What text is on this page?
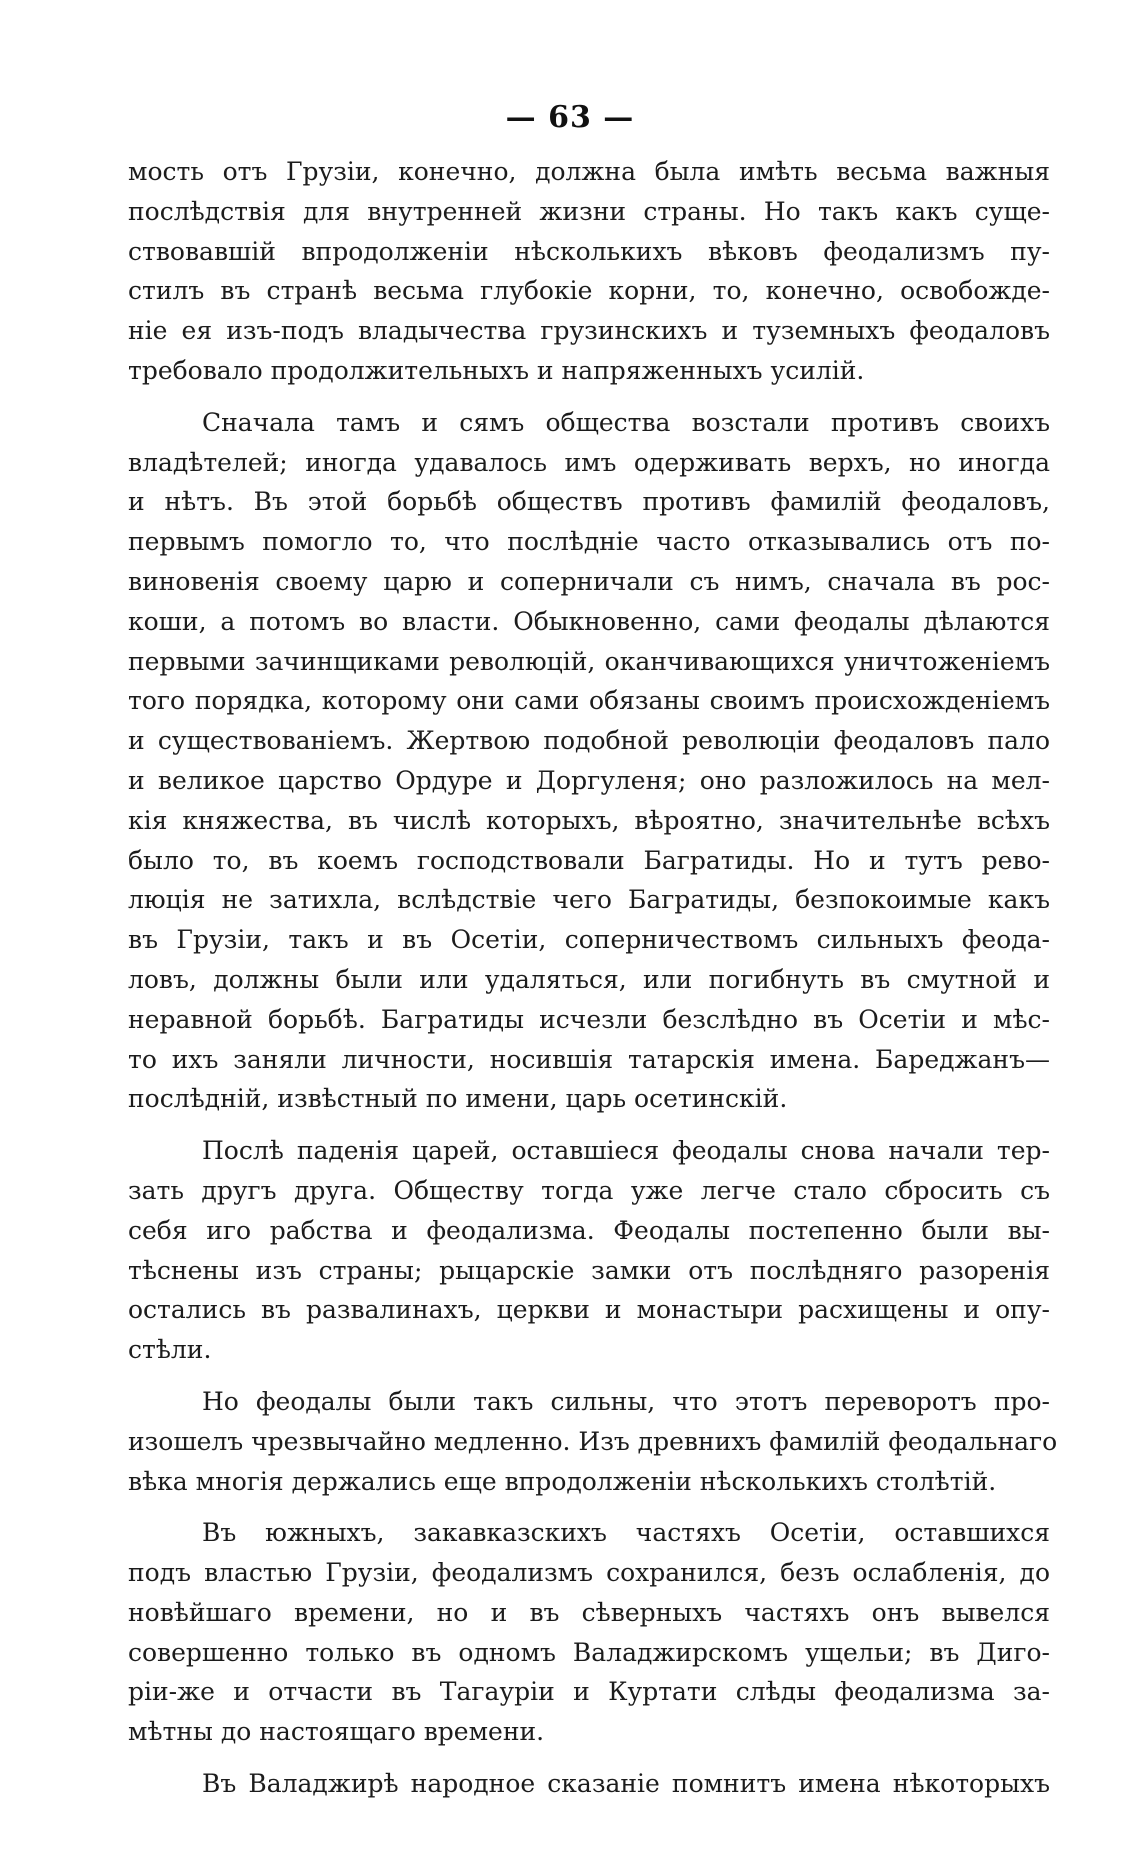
— 63 —
мость отъ Грузіи, конечно, должна была имѣть весьма важныя
послѣдствія для внутренней жизни страны. Но такъ какъ суще-
ствовавшій впродолженіи нѣсколькихъ вѣковъ феодализмъ пу-
стилъ въ странѣ весьма глубокіе корни, то, конечно, освобожде-
ніе ея изъ-подъ владычества грузинскихъ и туземныхъ феодаловъ
требовало продолжительныхъ и напряженныхъ усилій.
Сначала тамъ и сямъ общества возстали противъ своихъ
владѣтелей; иногда удавалось имъ одерживать верхъ, но иногда
и нѣтъ. Въ этой борьбѣ обществъ противъ фамилій феодаловъ,
первымъ помогло то, что послѣдніе часто отказывались отъ по-
виновенія своему царю и соперничали съ нимъ, сначала въ рос-
коши, а потомъ во власти. Обыкновенно, сами феодалы дѣлаются
первыми зачинщиками революцій, оканчивающихся уничтоженіемъ
того порядка, которому они сами обязаны своимъ происхожденіемъ
и существованіемъ. Жертвою подобной революціи феодаловъ пало
и великое царство Ордуре и Доргуленя; оно разложилось на мел-
кія княжества, въ числѣ которыхъ, вѣроятно, значительнѣе всѣхъ
было то, въ коемъ господствовали Багратиды. Но и тутъ рево-
люція не затихла, вслѣдствіе чего Багратиды, безпокоимые какъ
въ Грузіи, такъ и въ Осетіи, соперничествомъ сильныхъ феода-
ловъ, должны были или удаляться, или погибнуть въ смутной и
неравной борьбѣ. Багратиды исчезли безслѣдно въ Осетіи и мѣс-
то ихъ заняли личности, носившія татарскія имена. Бареджанъ—
послѣдній, извѣстный по имени, царь осетинскій.
Послѣ паденія царей, оставшіеся феодалы снова начали тер-
зать другъ друга. Обществу тогда уже легче стало сбросить съ
себя иго рабства и феодализма. Феодалы постепенно были вы-
тѣснены изъ страны; рыцарскіе замки отъ послѣдняго разоренія
остались въ развалинахъ, церкви и монастыри расхищены и опу-
стѣли.
Но феодалы были такъ сильны, что этотъ переворотъ про-
изошелъ чрезвычайно медленно. Изъ древнихъ фамилій феодальнаго
вѣка многія держались еще впродолженіи нѣсколькихъ столѣтій.
Въ южныхъ, закавказскихъ частяхъ Осетіи, оставшихся
подъ властью Грузіи, феодализмъ сохранился, безъ ослабленія, до
новѣйшаго времени, но и въ сѣверныхъ частяхъ онъ вывелся
совершенно только въ одномъ Валаджирскомъ ущельи; въ Диго-
ріи-же и отчасти въ Тагауріи и Куртати слѣды феодализма за-
мѣтны до настоящаго времени.
Въ Валаджирѣ народное сказаніе помнитъ имена нѣкоторыхъ
